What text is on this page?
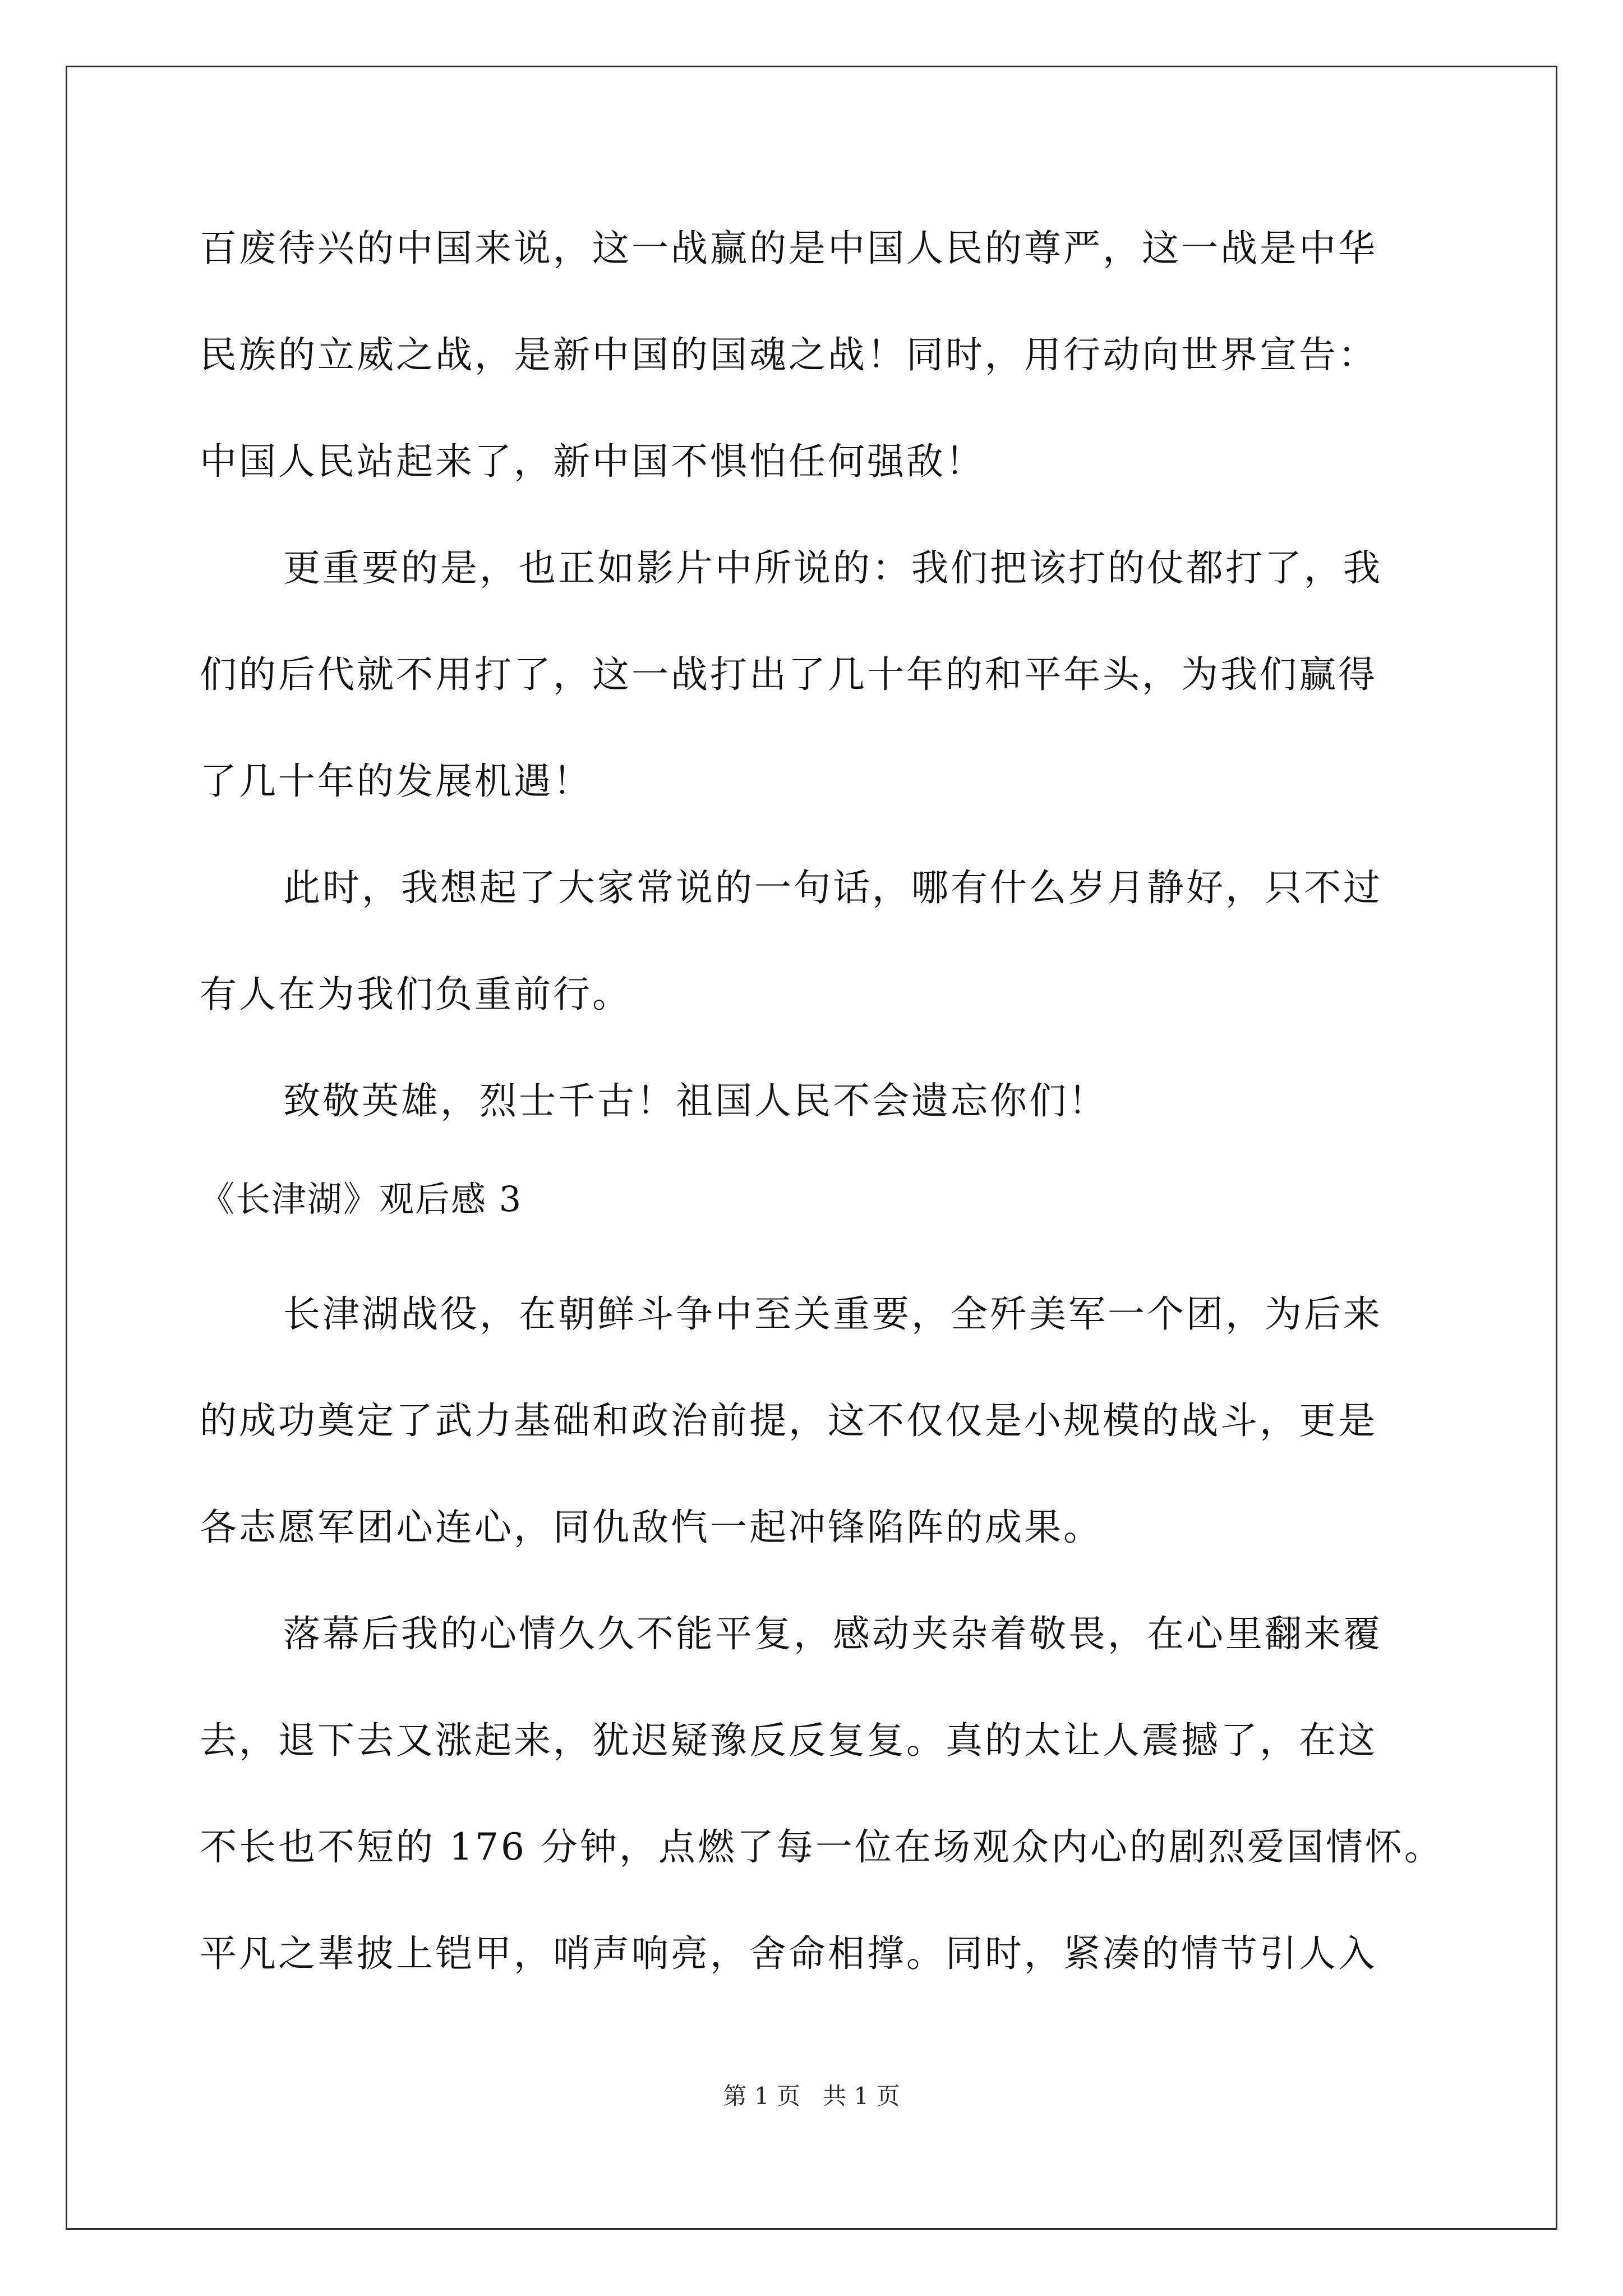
百废待兴的中国来说，这一战赢的是中国人民的尊严，这一战是中华
民族的立威之战，是新中国的国魂之战！同时，用行动向世界宣告：
中国人民站起来了，新中国不惧怕任何强敌！
更重要的是，也正如影片中所说的：我们把该打的仗都打了，我
们的后代就不用打了，这一战打出了几十年的和平年头，为我们赢得
了几十年的发展机遇！
此时，我想起了大家常说的一句话，哪有什么岁月静好，只不过
有人在为我们负重前行。
致敬英雄，烈士千古！祖国人民不会遗忘你们！
《长津湖》观后感 3
长津湖战役，在朝鲜斗争中至关重要，全歼美军一个团，为后来
的成功奠定了武力基础和政治前提，这不仅仅是小规模的战斗，更是
各志愿军团心连心，同仇敌忾一起冲锋陷阵的成果。
落幕后我的心情久久不能平复，感动夹杂着敬畏，在心里翻来覆
去，退下去又涨起来，犹迟疑豫反反复复。真的太让人震撼了，在这
不长也不短的 176 分钟，点燃了每一位在场观众内心的剧烈爱国情怀。
平凡之辈披上铠甲，哨声响亮，舍命相撑。同时，紧凑的情节引人入
第 1 页   共 1 页
